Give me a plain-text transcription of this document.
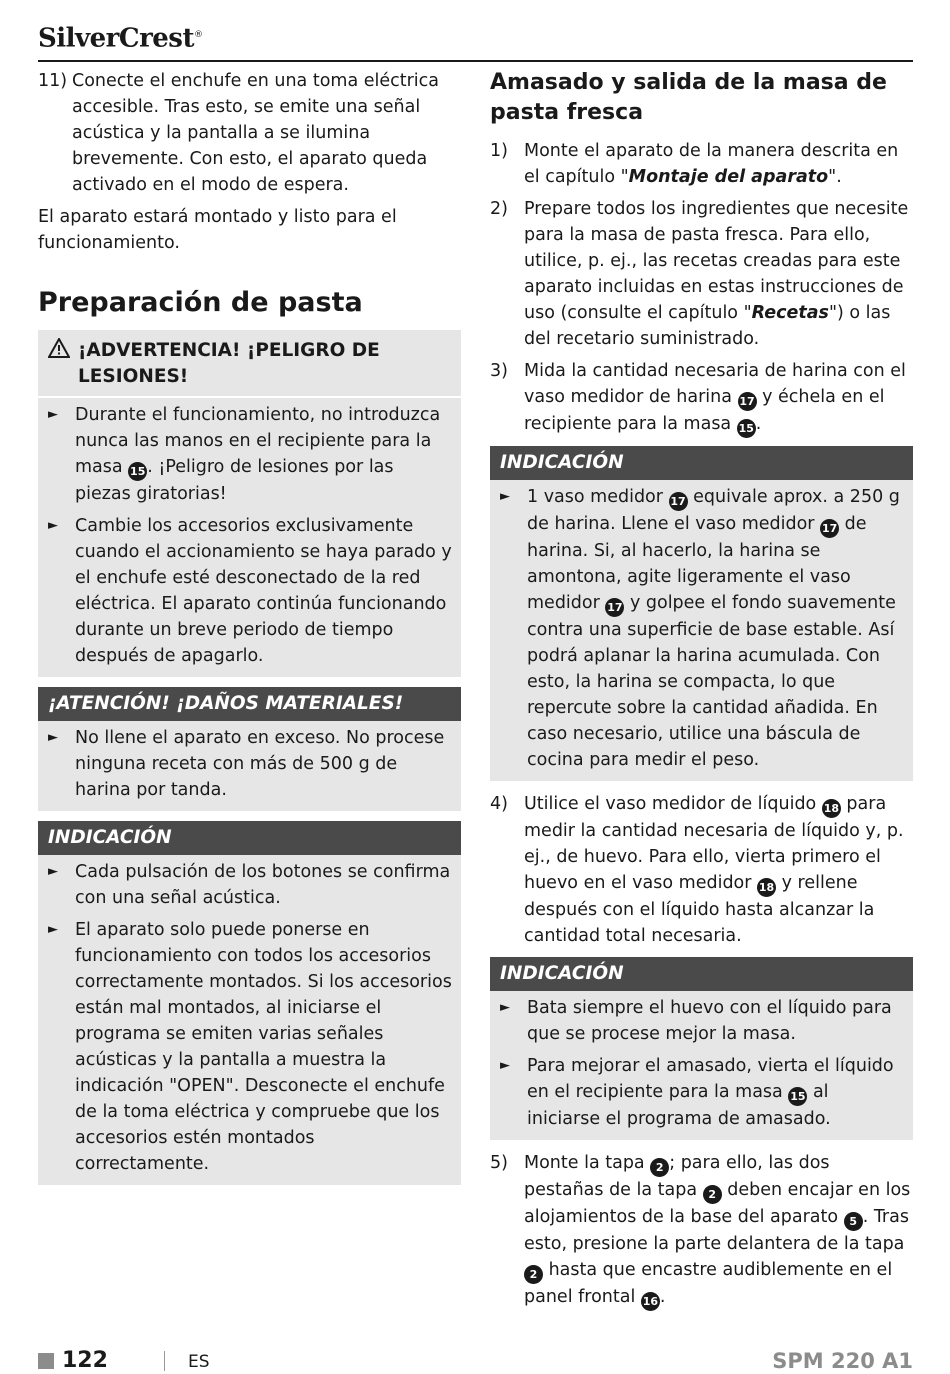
SilverCrest®
11) Conecte el enchufe en una toma eléctrica accesible. Tras esto, se emite una señal acústica y la pantalla a se ilumina brevemente. Con esto, el aparato queda activado en el modo de espera.

El aparato estará montado y listo para el funcionamiento.

Preparación de pasta
¡ADVERTENCIA! ¡PELIGRO DE LESIONES!
► Durante el funcionamiento, no introduzca nunca las manos en el recipiente para la masa 15 . ¡Peligro de lesiones por las piezas giratorias!
► Cambie los accesorios exclusivamente cuando el accionamiento se haya parado y el enchufe esté desconectado de la red eléctrica. El aparato continúa funcionando durante un breve periodo de tiempo después de apagarlo.
¡ATENCIÓN! ¡DAÑOS MATERIALES!
► No llene el aparato en exceso. No procese ninguna receta con más de 500 g de harina por tanda.
INDICACIÓN
► Cada pulsación de los botones se confirma con una señal acústica.
► El aparato solo puede ponerse en funcionamiento con todos los accesorios correctamente montados. Si los accesorios están mal montados, al iniciarse el programa se emiten varias señales acústicas y la pantalla a muestra la indicación "OPEN". Desconecte el enchufe de la toma eléctrica y compruebe que los accesorios estén montados correctamente.
Amasado y salida de la masa de pasta fresca
1) Monte el aparato de la manera descrita en el capítulo "Montaje del aparato".
2) Prepare todos los ingredientes que necesite para la masa de pasta fresca. Para ello, utilice, p. ej., las recetas creadas para este aparato incluidas en estas instrucciones de uso (consulte el capítulo "Recetas") o las del recetario suministrado.
3) Mida la cantidad necesaria de harina con el vaso medidor de harina 17 y échela en el recipiente para la masa 15 .
INDICACIÓN
► 1 vaso medidor 17 equivale aprox. a 250 g de harina. Llene el vaso medidor 17 de harina. Si, al hacerlo, la harina se amontona, agite ligeramente el vaso medidor 17 y golpee el fondo suavemente contra una superficie de base estable. Así podrá aplanar la harina acumulada. Con esto, la harina se compacta, lo que repercute sobre la cantidad añadida. En caso necesario, utilice una báscula de cocina para medir el peso.
4) Utilice el vaso medidor de líquido 18 para medir la cantidad necesaria de líquido y, p. ej., de huevo. Para ello, vierta primero el huevo en el vaso medidor 18 y rellene después con el líquido hasta alcanzar la cantidad total necesaria.
INDICACIÓN
► Bata siempre el huevo con el líquido para que se procese mejor la masa.
► Para mejorar el amasado, vierta el líquido en el recipiente para la masa 15 al iniciarse el programa de amasado.
5) Monte la tapa 2 ; para ello, las dos pestañas de la tapa 2 deben encajar en los alojamientos de la base del aparato 5 . Tras esto, presione la parte delantera de la tapa 2 hasta que encastre audiblemente en el panel frontal 16 .
122	ES	SPM 220 A1
